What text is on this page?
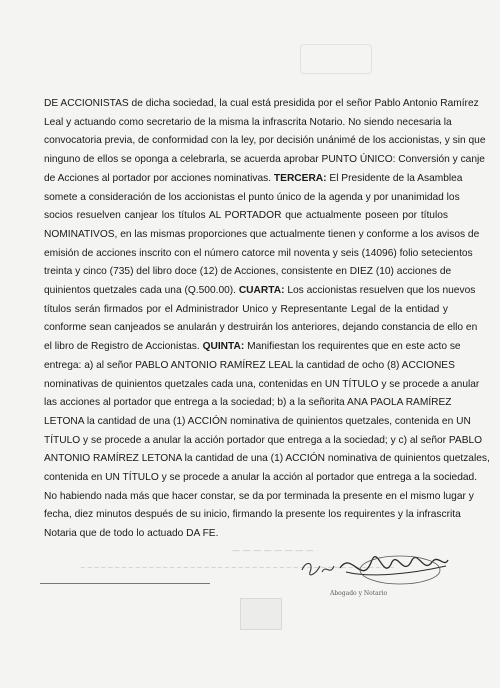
— — — — — — — —
~~~~~~~~~~~~~~~~~~~~~~~~~~~~~~~~~~~~~~~~~~~~~~
DE ACCIONISTAS de dicha sociedad, la cual está presidida por el señor Pablo Antonio Ramírez
Leal y actuando como secretario de la misma la infrascrita Notario. No siendo necesaria la
convocatoria previa, de conformidad con la ley, por decisión unánimé de los accionistas, y sin que
ninguno de ellos se oponga a celebrarla, se acuerda aprobar PUNTO ÚNICO: Conversión y canje
de Acciones al portador por acciones nominativas. TERCERA: El Presidente de la Asamblea
somete a consideración de los accionistas el punto único de la agenda y por unanimidad los
socios resuelven canjear los títulos AL PORTADOR que actualmente poseen por títulos
NOMINATIVOS, en las mismas proporciones que actualmente tienen y conforme a los avisos de
emisión de acciones inscrito con el número catorce mil noventa y seis (14096) folio setecientos
treinta y cinco (735) del libro doce (12) de Acciones, consistente en DIEZ (10) acciones de
quinientos quetzales cada una (Q.500.00). CUARTA: Los accionistas resuelven que los nuevos
títulos serán firmados por el Administrador Unico y Representante Legal de la entidad y
conforme sean canjeados se anularán y destruirán los anteriores, dejando constancia de ello en
el libro de Registro de Accionistas. QUINTA: Manifiestan los requirentes que en este acto se
entrega: a) al señor PABLO ANTONIO RAMÍREZ LEAL la cantidad de ocho (8) ACCIONES
nominativas de quinientos quetzales cada una, contenidas en UN TÍTULO y se procede a anular
las acciones al portador que entrega a la sociedad; b) a la señorita ANA PAOLA RAMÍREZ
LETONA la cantidad de una (1) ACCIÓN nominativa de quinientos quetzales, contenida en UN
TÍTULO y se procede a anular la acción portador que entrega a la sociedad; y c) al señor PABLO
ANTONIO RAMÍREZ LETONA la cantidad de una (1) ACCIÓN nominativa de quinientos quetzales,
contenida en UN TÍTULO y se procede a anular la acción al portador que entrega a la sociedad.
No habiendo nada más que hacer constar, se da por terminada la presente en el mismo lugar y
fecha, diez minutos después de su inicio, firmando la presente los requirentes y la infrascrita
Notaria que de todo lo actuado DA FE.
Abogado y Notario
